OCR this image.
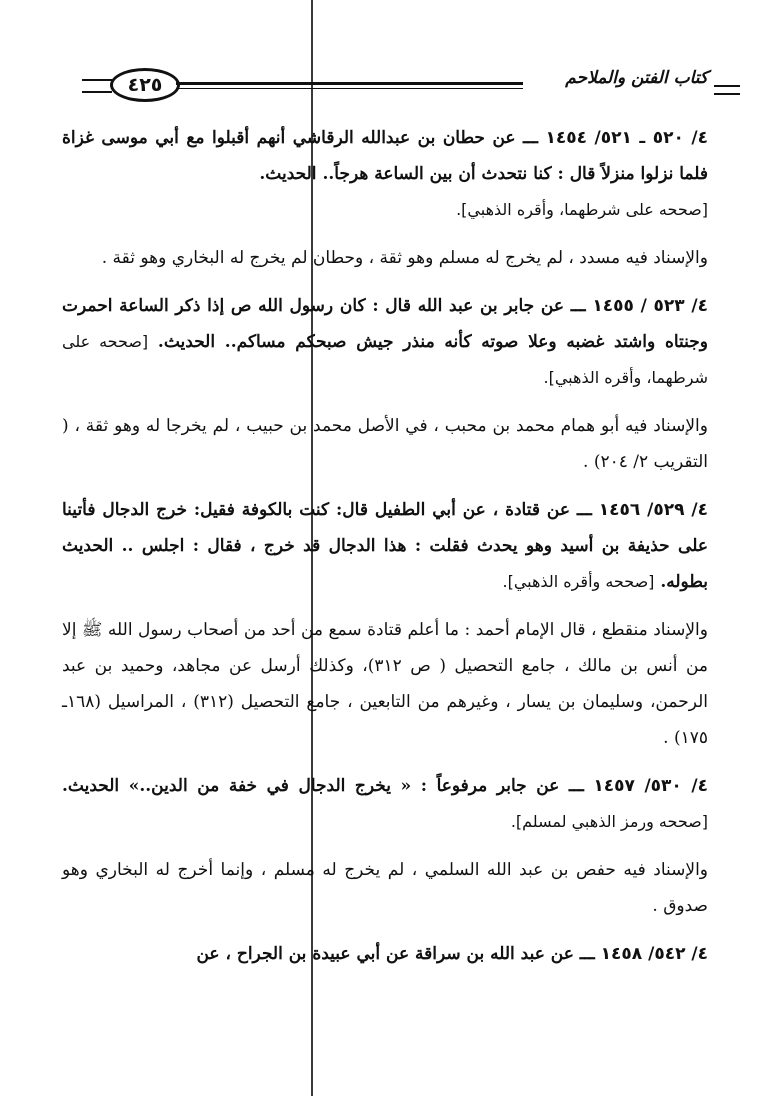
٤٢٥	كتاب الفتن والملاحم

٤/ ٥٢٠ ـ ٥٢١/ ١٤٥٤ ـــ عن حطان بن عبدالله الرقاشي أنهم أقبلوا مع أبي موسى غزاة فلما نزلوا منزلاً قال : كنا نتحدث أن بين الساعة هرجاً.. الحديث.
[صححه على شرطهما، وأقره الذهبي].

والإسناد فيه مسدد ، لم يخرج له مسلم وهو ثقة ، وحطان لم يخرج له البخاري وهو ثقة .

٤/ ٥٢٣ / ١٤٥٥ ـــ عن جابر بن عبد الله قال : كان رسول الله ص إذا ذكر الساعة احمرت وجنتاه واشتد غضبه وعلا صوته كأنه منذر جيش صبحكم مساكم.. الحديث. [صححه على شرطهما، وأقره الذهبي].

والإسناد فيه أبو همام محمد بن محبب ، في الأصل محمد بن حبيب ، لم يخرجا له وهو ثقة ، ( التقريب ٢/ ٢٠٤) .

٤/ ٥٢٩/ ١٤٥٦ ـــ عن قتادة ، عن أبي الطفيل قال: كنت بالكوفة فقيل: خرج الدجال فأتينا على حذيفة بن أسيد وهو يحدث فقلت : هذا الدجال قد خرج ، فقال : اجلس .. الحديث بطوله. [صححه وأقره الذهبي].

والإسناد منقطع ، قال الإمام أحمد : ما أعلم قتادة سمع من أحد من أصحاب رسول الله ﷺ إلا من أنس بن مالك ، جامع التحصيل ( ص ٣١٢)، وكذلك أرسل عن مجاهد، وحميد بن عبد الرحمن، وسليمان بن يسار ، وغيرهم من التابعين ، جامع التحصيل (٣١٢) ، المراسيل (١٦٨ـ ١٧٥) .

٤/ ٥٣٠/ ١٤٥٧ ـــ عن جابر مرفوعاً : « يخرج الدجال في خفة من الدين..» الحديث. [صححه ورمز الذهبي لمسلم].

والإسناد فيه حفص بن عبد الله السلمي ، لم يخرج له مسلم ، وإنما أخرج له البخاري وهو صدوق .

٤/ ٥٤٢/ ١٤٥٨ ـــ عن عبد الله بن سراقة عن أبي عبيدة بن الجراح ، عن
